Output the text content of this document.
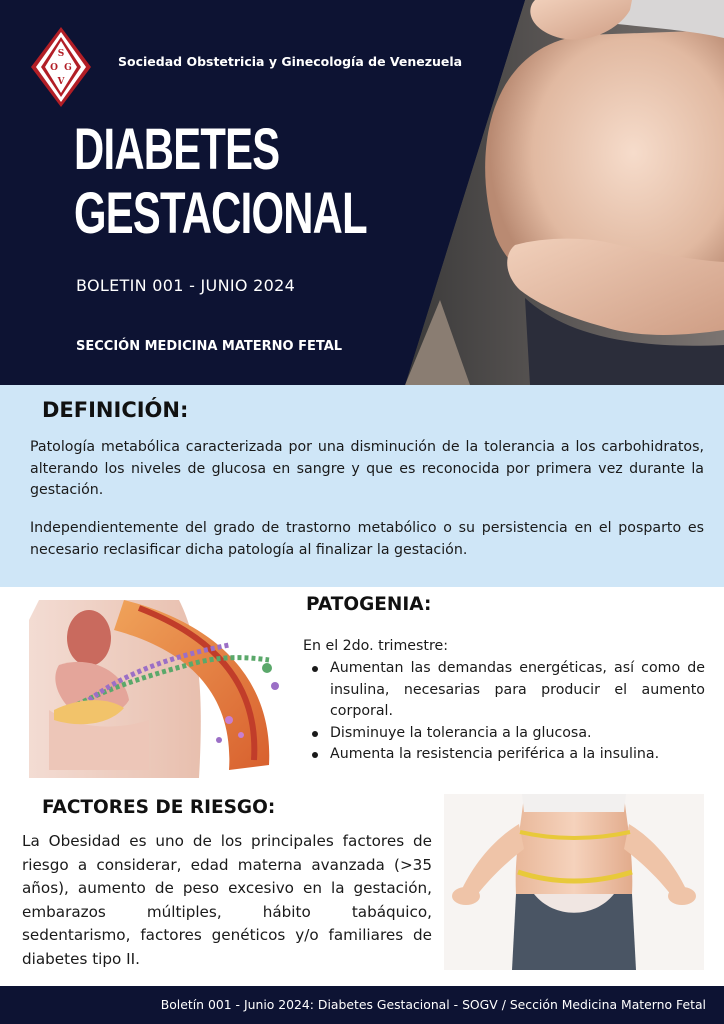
S
O G
V
Sociedad Obstetricia y Ginecología de Venezuela
DIABETES
GESTACIONAL
BOLETIN 001 - JUNIO 2024
SECCIÓN MEDICINA MATERNO FETAL
DEFINICIÓN:

Patología metabólica caracterizada por una disminución de la tolerancia a los carbohidratos, alterando los niveles de glucosa en sangre y que es reconocida por primera vez durante la gestación.

Independientemente del grado de trastorno metabólico o su persistencia en el posparto es necesario reclasificar dicha patología al finalizar la gestación.

PATOGENIA:
En el 2do. trimestre:
Aumentan las demandas energéticas, así como de insulina, necesarias para producir el aumento corporal.
Disminuye la tolerancia a la glucosa.
Aumenta la resistencia periférica a la insulina.
FACTORES DE RIESGO:

La Obesidad es uno de los principales factores de riesgo a considerar, edad materna avanzada (>35 años), aumento de peso excesivo en la gestación, embarazos múltiples, hábito tabáquico, sedentarismo, factores genéticos y/o familiares de diabetes tipo II.

Boletín 001 - Junio 2024: Diabetes Gestacional - SOGV / Sección Medicina Materno Fetal
